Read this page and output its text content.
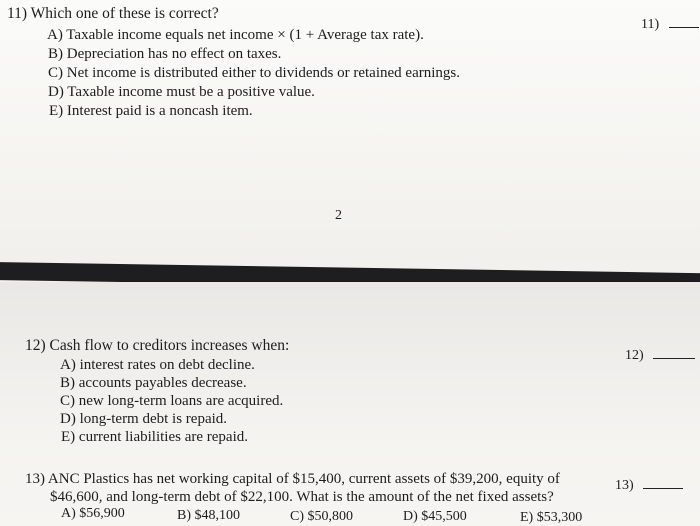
11) Which one of these is correct?
A) Taxable income equals net income × (1 + Average tax rate).
B) Depreciation has no effect on taxes.
C) Net income is distributed either to dividends or retained earnings.
D) Taxable income must be a positive value.
E) Interest paid is a noncash item.
11)
2
12) Cash flow to creditors increases when:
A) interest rates on debt decline.
B) accounts payables decrease.
C) new long-term loans are acquired.
D) long-term debt is repaid.
E) current liabilities are repaid.
12)
13) ANC Plastics has net working capital of $15,400, current assets of $39,200, equity of
$46,600, and long-term debt of $22,100. What is the amount of the net fixed assets?
A) $56,900	B) $48,100	C) $50,800	D) $45,500	E) $53,300
13)
